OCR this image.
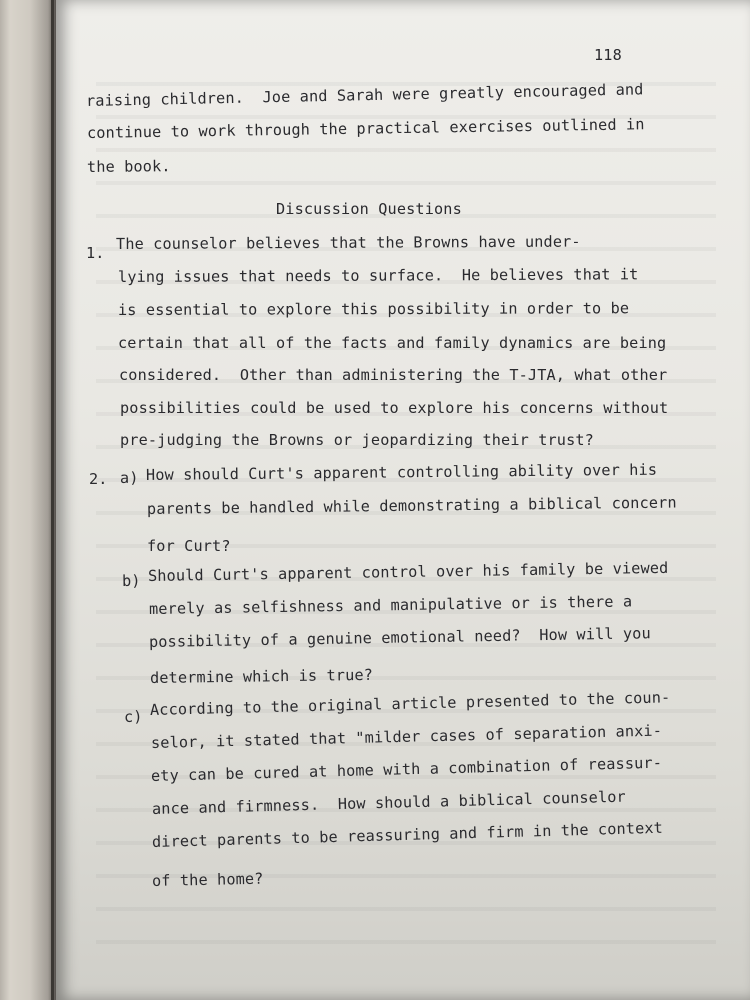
118
raising children.  Joe and Sarah were greatly encouraged and
continue to work through the practical exercises outlined in
the book.
Discussion Questions
1.
The counselor believes that the Browns have under-
lying issues that needs to surface.  He believes that it
is essential to explore this possibility in order to be
certain that all of the facts and family dynamics are being
considered.  Other than administering the T-JTA, what other
possibilities could be used to explore his concerns without
pre-judging the Browns or jeopardizing their trust?
2. a) How should Curt's apparent controlling ability over his
parents be handled while demonstrating a biblical concern
for Curt?
b) Should Curt's apparent control over his family be viewed
merely as selfishness and manipulative or is there a
possibility of a genuine emotional need?  How will you
determine which is true?
c) According to the original article presented to the coun-
selor, it stated that "milder cases of separation anxi-
ety can be cured at home with a combination of reassur-
ance and firmness.  How should a biblical counselor
direct parents to be reassuring and firm in the context
of the home?
